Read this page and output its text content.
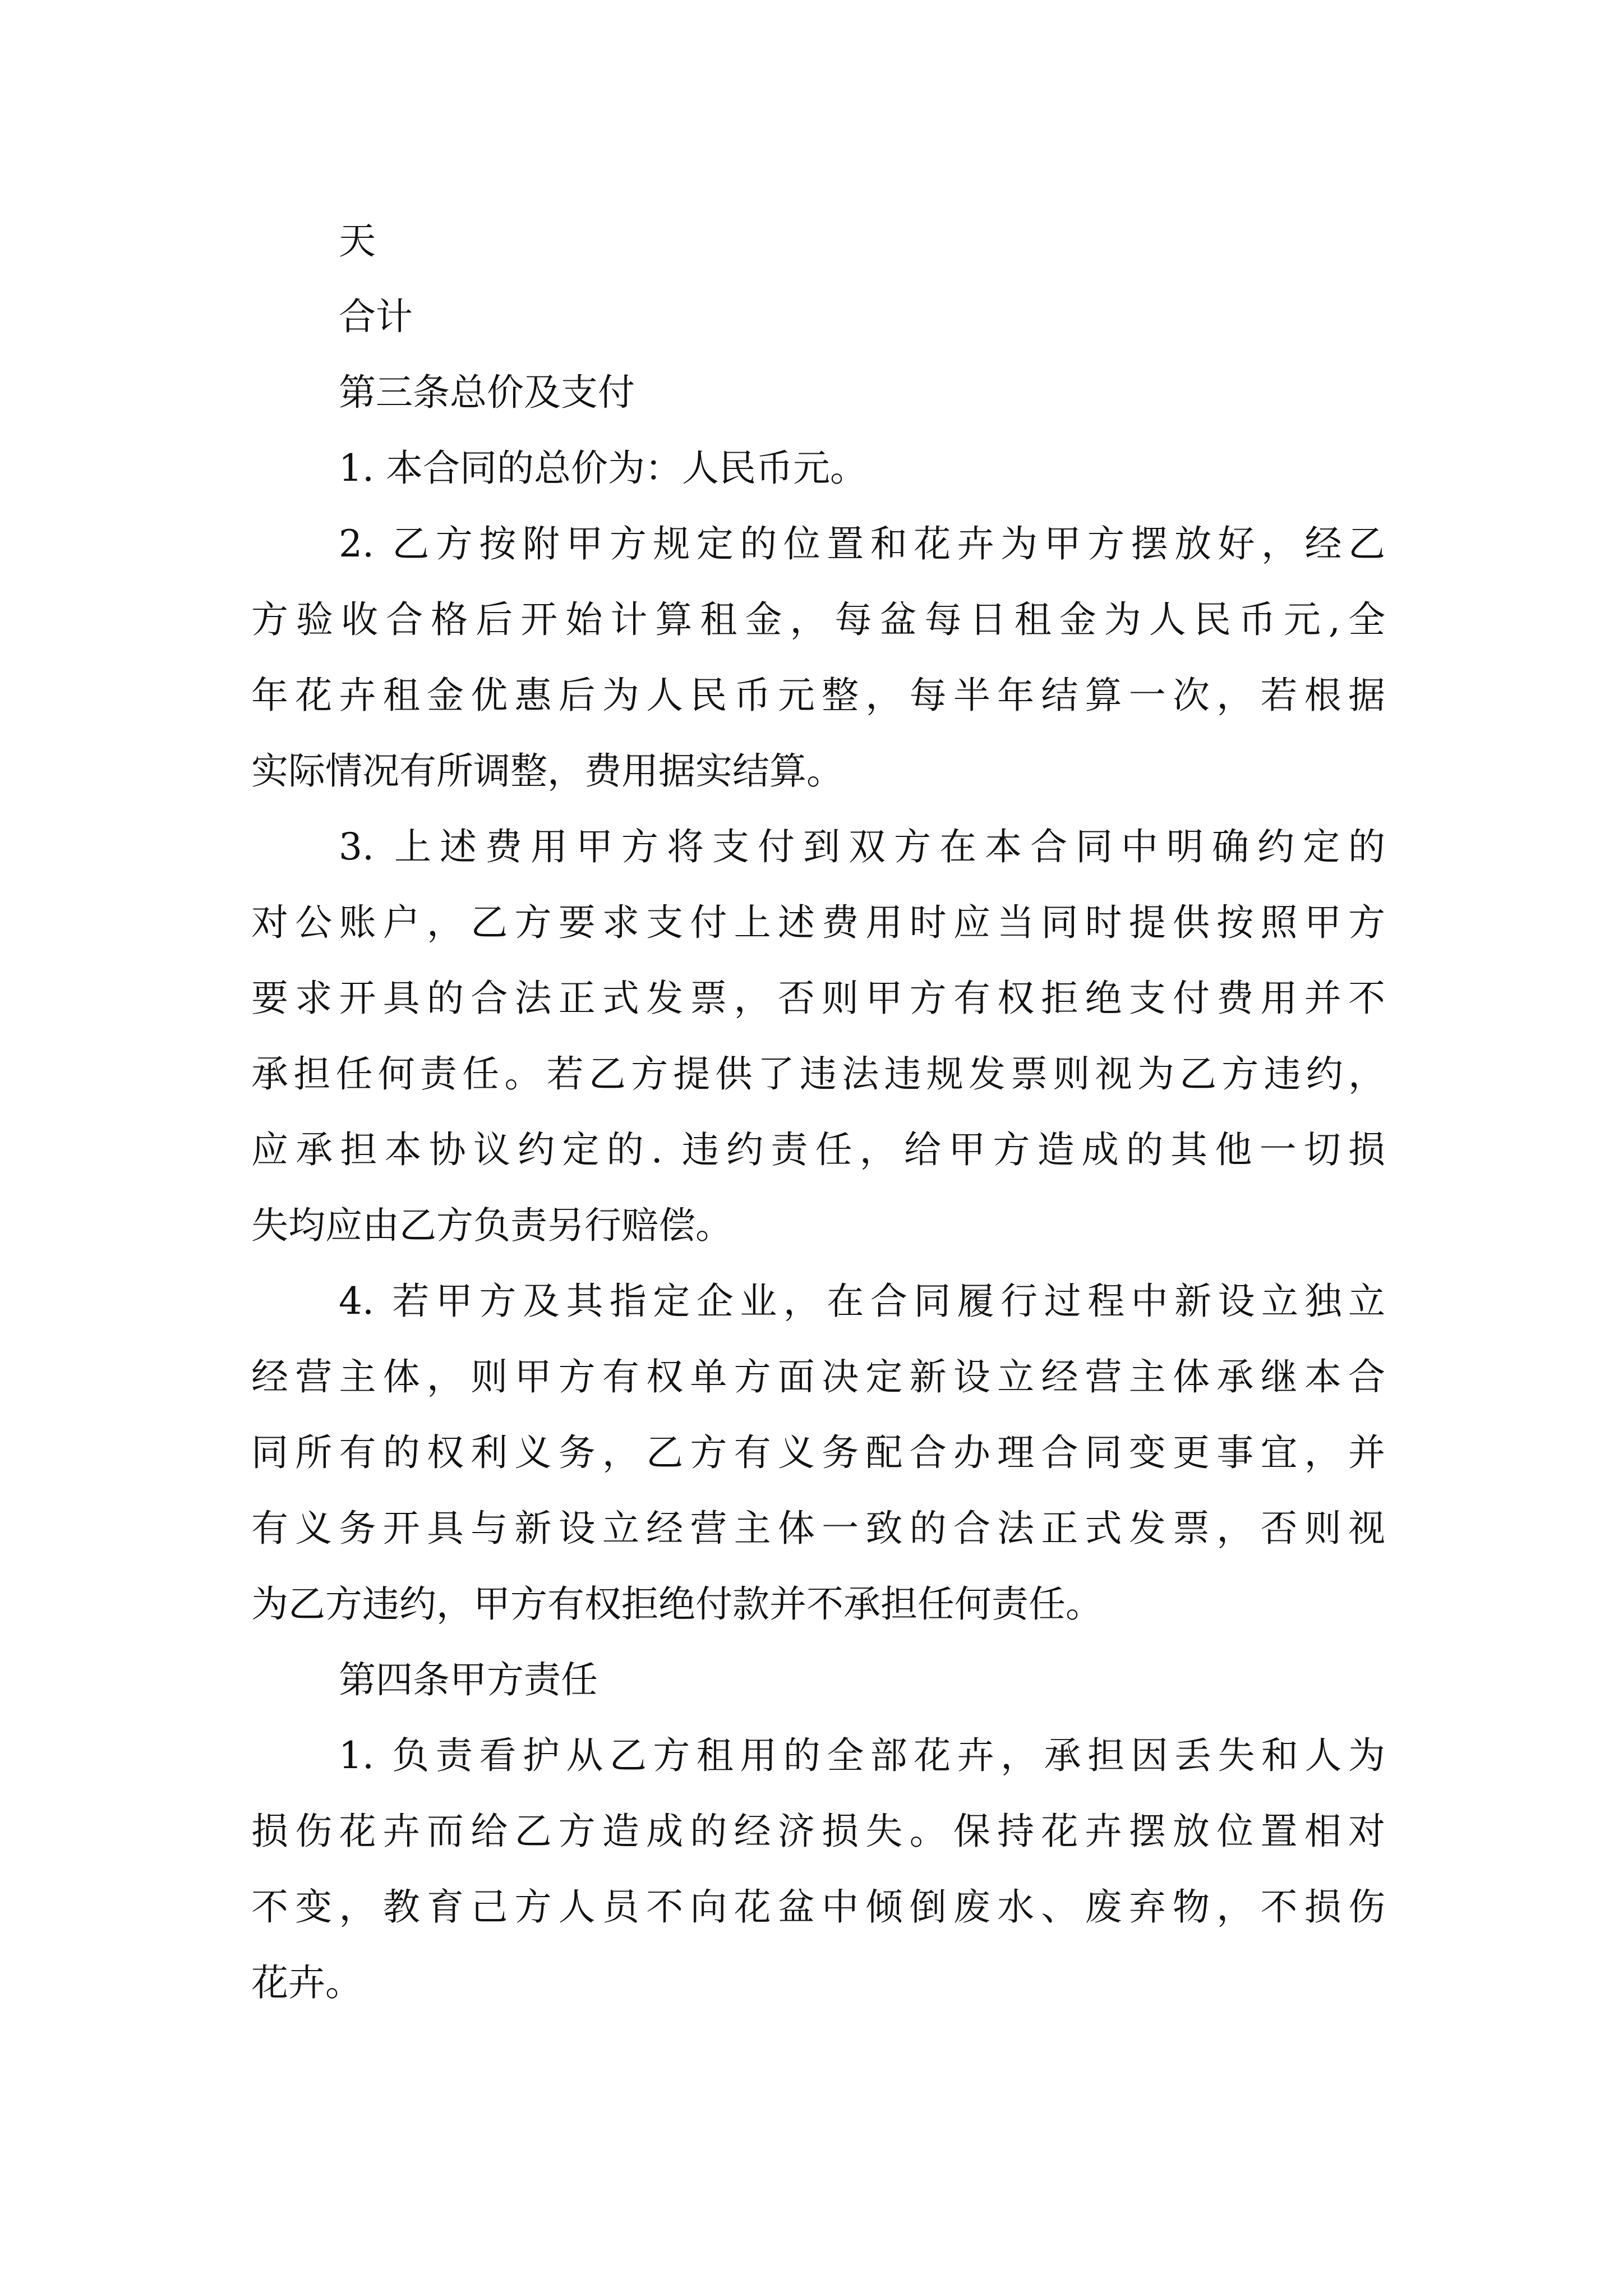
天

合计

第三条总价及支付

1. 本合同的总价为：人民币元。

2. 乙方按附甲方规定的位置和花卉为甲方摆放好，经乙

方验收合格后开始计算租金，每盆每日租金为人民币元,全

年花卉租金优惠后为人民币元整，每半年结算一次，若根据

实际情况有所调整，费用据实结算。

3. 上述费用甲方将支付到双方在本合同中明确约定的

对公账户，乙方要求支付上述费用时应当同时提供按照甲方

要求开具的合法正式发票，否则甲方有权拒绝支付费用并不

承担任何责任。若乙方提供了违法违规发票则视为乙方违约，

应承担本协议约定的. 违约责任，给甲方造成的其他一切损

失均应由乙方负责另行赔偿。

4. 若甲方及其指定企业，在合同履行过程中新设立独立

经营主体，则甲方有权单方面决定新设立经营主体承继本合

同所有的权利义务，乙方有义务配合办理合同变更事宜，并

有义务开具与新设立经营主体一致的合法正式发票，否则视

为乙方违约，甲方有权拒绝付款并不承担任何责任。

第四条甲方责任

1. 负责看护从乙方租用的全部花卉，承担因丢失和人为

损伤花卉而给乙方造成的经济损失。保持花卉摆放位置相对

不变，教育己方人员不向花盆中倾倒废水、废弃物，不损伤

花卉。
